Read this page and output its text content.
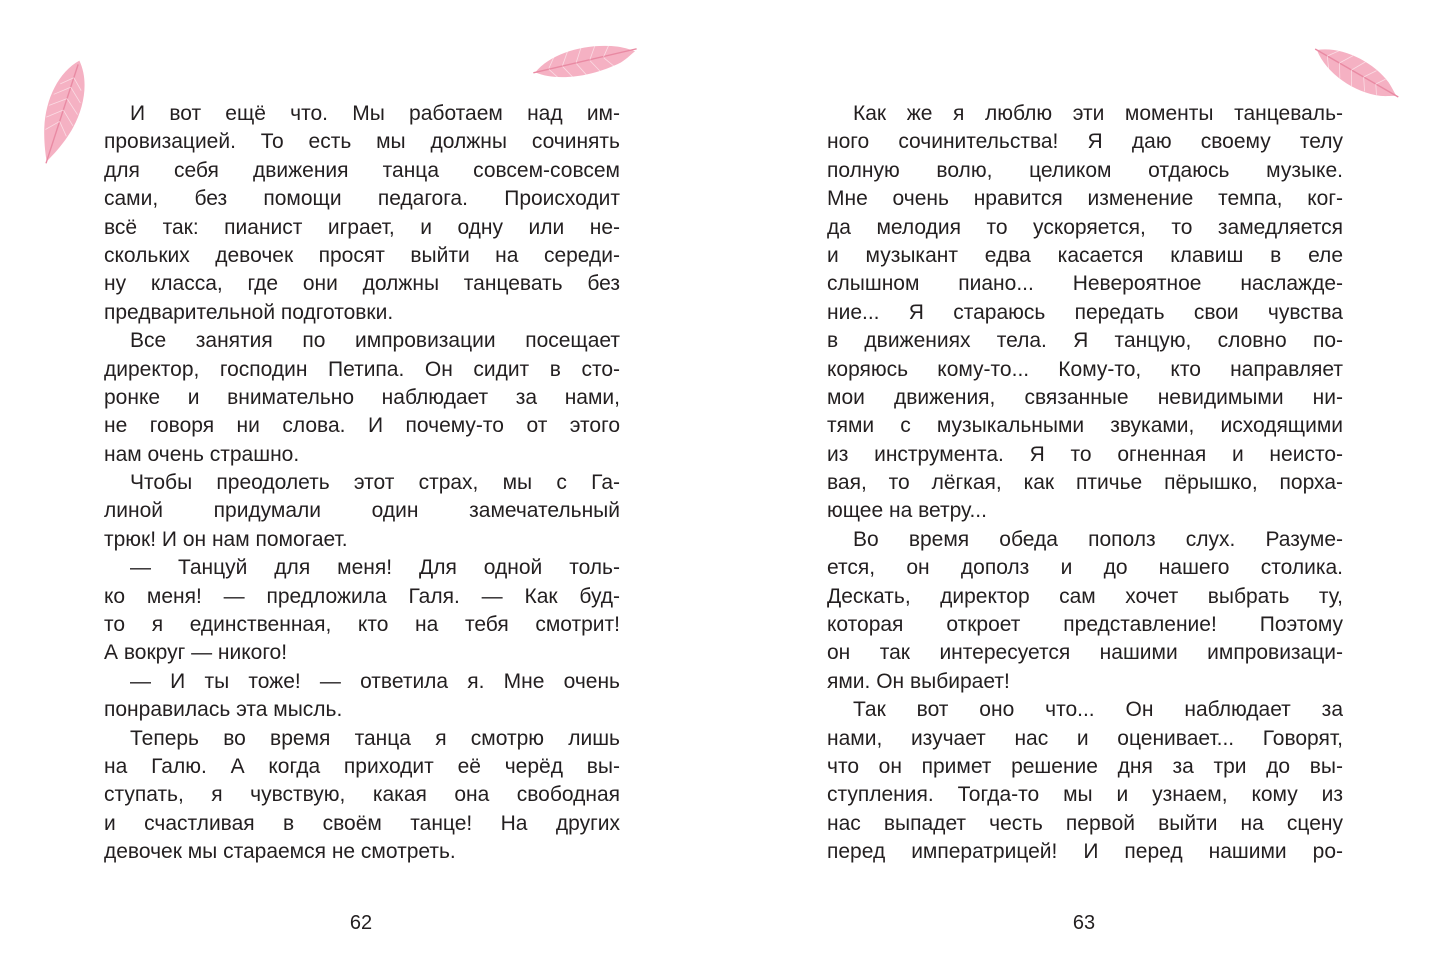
И вот ещё что. Мы работаем над им-
провизацией. То есть мы должны сочинять
для себя движения танца совсем-совсем
сами, без помощи педагога. Происходит
всё так: пианист играет, и одну или не-
скольких девочек просят выйти на середи-
ну класса, где они должны танцевать без
предварительной подготовки.
Все занятия по импровизации посещает
директор, господин Петипа. Он сидит в сто-
ронке и внимательно наблюдает за нами,
не говоря ни слова. И почему-то от этого
нам очень страшно.
Чтобы преодолеть этот страх, мы с Га-
линой придумали один замечательный
трюк! И он нам помогает.
— Танцуй для меня! Для одной толь-
ко меня! — предложила Галя. — Как буд-
то я единственная, кто на тебя смотрит!
А вокруг — никого!
— И ты тоже! — ответила я. Мне очень
понравилась эта мысль.
Теперь во время танца я смотрю лишь
на Галю. А когда приходит её черёд вы-
ступать, я чувствую, какая она свободная
и счастливая в своём танце! На других
девочек мы стараемся не смотреть.
62
Как же я люблю эти моменты танцеваль-
ного сочинительства! Я даю своему телу
полную волю, целиком отдаюсь музыке.
Мне очень нравится изменение темпа, ког-
да мелодия то ускоряется, то замедляется
и музыкант едва касается клавиш в еле
слышном пиано... Невероятное наслажде-
ние... Я стараюсь передать свои чувства
в движениях тела. Я танцую, словно по-
коряюсь кому-то... Кому-то, кто направляет
мои движения, связанные невидимыми ни-
тями с музыкальными звуками, исходящими
из инструмента. Я то огненная и неисто-
вая, то лёгкая, как птичье пёрышко, порха-
ющее на ветру...
Во время обеда пополз слух. Разуме-
ется, он дополз и до нашего столика.
Дескать, директор сам хочет выбрать ту,
которая откроет представление! Поэтому
он так интересуется нашими импровизаци-
ями. Он выбирает!
Так вот оно что... Он наблюдает за
нами, изучает нас и оценивает... Говорят,
что он примет решение дня за три до вы-
ступления. Тогда-то мы и узнаем, кому из
нас выпадет честь первой выйти на сцену
перед императрицей! И перед нашими ро-
63
